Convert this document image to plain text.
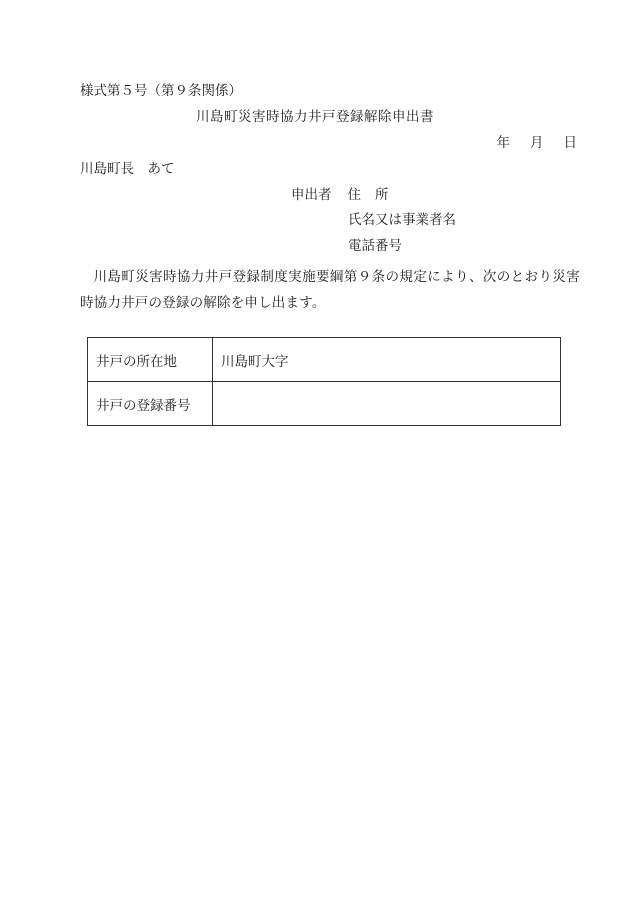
様式第５号（第９条関係）
川島町災害時協力井戸登録解除申出書
年 月 日
川島町長　あて
申出者 住 所
氏名又は事業者名
電話番号
川島町災害時協力井戸登録制度実施要綱第９条の規定により、次のとおり災害時協力井戸の登録の解除を申し出ます。
井戸の所在地	川島町大字
井戸の登録番号	
